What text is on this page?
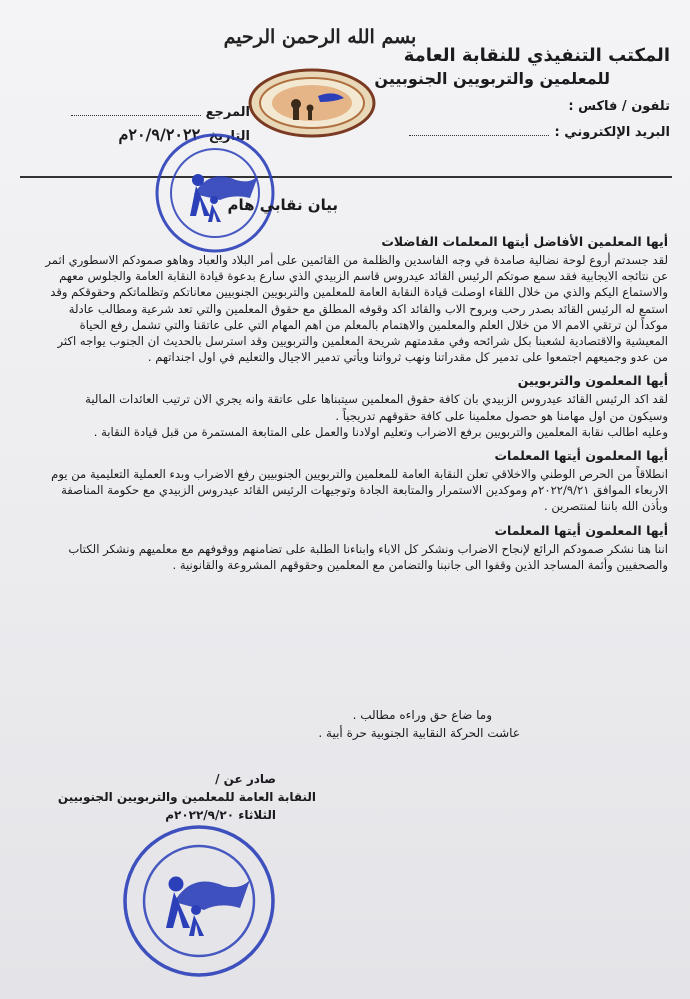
بسم الله الرحمن الرحيم
المكتب التنفيذي للنقابة العامة
للمعلمين والتربويين الجنوبيين
تلفون / فاكس :
البريد الإلكتروني :
المرجع
التاريخ ٢٠/٩/٢٠٢٢م
بيان نقابي هام

أيها المعلمين الأفاضل أيتها المعلمات الفاضلات

لقد جسدتم أروع لوحة نضالية صامدة في وجه الفاسدين والظلمة من القائمين على أمر البلاد والعباد وهاهو صمودكم الاسطوري اثمر عن نتائجه الايجابية فقد سمع صوتكم الرئيس القائد عيدروس قاسم الزبيدي الذي سارع بدعوة قيادة النقابة العامة والجلوس معهم والاستماع اليكم والذي من خلال اللقاء اوصلت قيادة النقابة العامة للمعلمين والتربويين الجنوبيين معاناتكم وتظلماتكم وحقوقكم وقد استمع له الرئيس القائد بصدر رحب وبروح الاب والقائد اكد وقوفه المطلق مع حقوق المعلمين والتي تعد شرعية ومطالب عادلة موكداً لن ترتقي الامم الا من خلال العلم والمعلمين والاهتمام بالمعلم من اهم المهام التي على عاتقنا والتي تشمل رفع الحياة المعيشية والاقتصادية لشعبنا بكل شرائحه وفي مقدمتهم شريحة المعلمين والتربويين وقد استرسل بالحديث ان الجنوب يواجه اكثر من عدو وجميعهم اجتمعوا على تدمير كل مقدراتنا ونهب ثرواتنا ويأتي تدمير الاجيال والتعليم في اول اجنداتهم .

أيها المعلمون والتربويين

لقد اكد الرئيس القائد عيدروس الزبيدي بان كافة حقوق المعلمين سيتبناها على عاتقة وانه يجري الان ترتيب العائدات المالية وسيكون من اول مهامنا هو حصول معلمينا على كافة حقوقهم تدريجياً .

وعليه اطالب نقابة المعلمين والتربويين برفع الاضراب وتعليم اولادنا والعمل على المتابعة المستمرة من قبل قيادة النقابة .

أيها المعلمون أيتها المعلمات

انطلاقاً من الحرص الوطني والاخلاقي تعلن النقابة العامة للمعلمين والتربويين الجنوبيين رفع الاضراب وبدء العملية التعليمية من يوم الاربعاء الموافق ٢٠٢٢/٩/٢١م وموكدين الاستمرار والمتابعة الجادة وتوجيهات الرئيس القائد عيدروس الزبيدي مع حكومة المناصفة وبأذن الله باننا لمنتصرين .

أيها المعلمون أيتها المعلمات

اننا هنا نشكر صمودكم الرائع لإنجاح الاضراب ونشكر كل الاباء وابناءنا الطلبة على تضامنهم ووقوفهم مع معلميهم ونشكر الكتاب والصحفيين وأئمة المساجد الذين وقفوا الى جانبنا والتضامن مع المعلمين وحقوقهم المشروعة والقانونية .

وما ضاع حق وراءه مطالب .
عاشت الحركة النقابية الجنوبية حرة أبية .
صادر عن /
النقابة العامة للمعلمين والتربويين الجنوبيين
الثلاثاء ٢٠٢٢/٩/٢٠م
